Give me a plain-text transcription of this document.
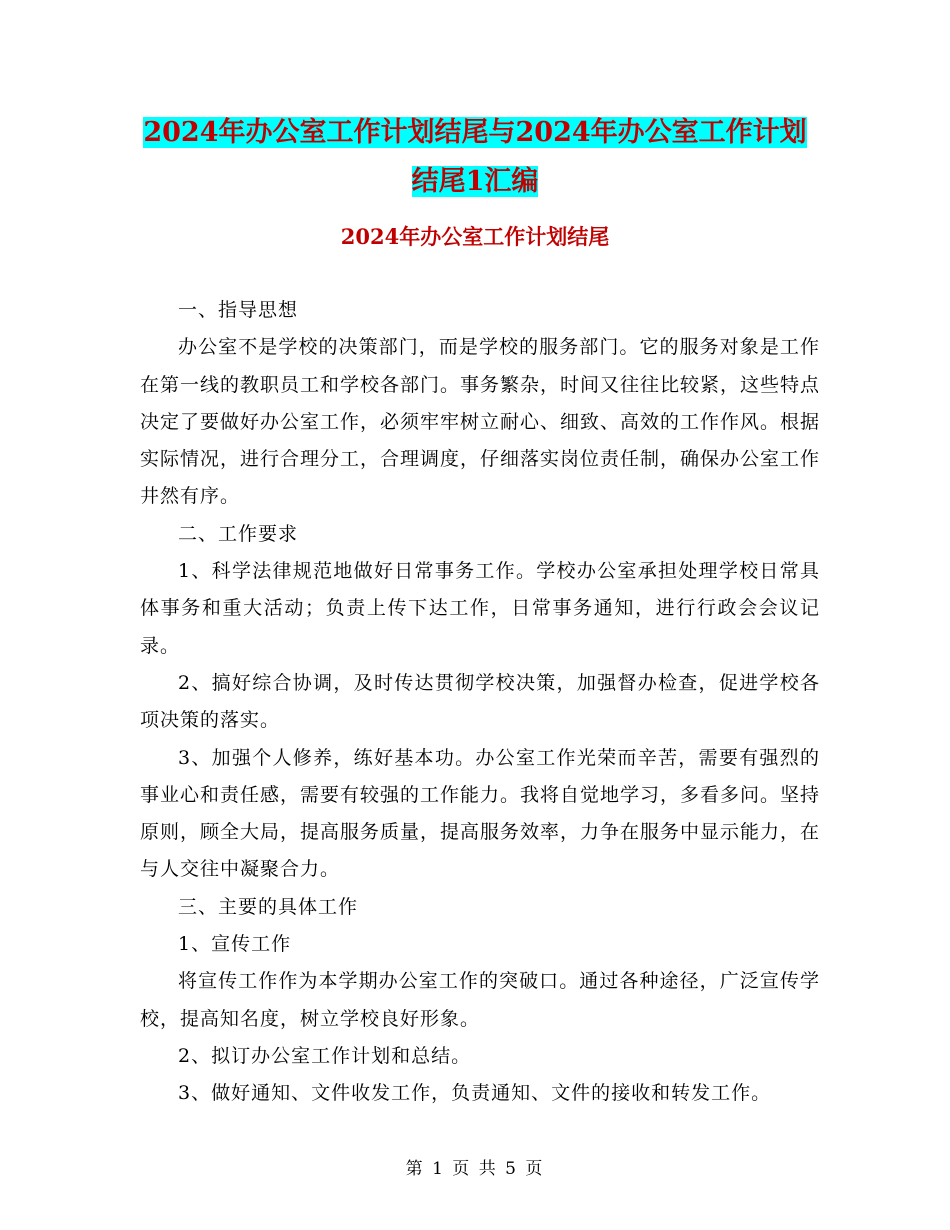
2024年办公室工作计划结尾与2024年办公室工作计划
结尾1汇编
2024年办公室工作计划结尾

一、指导思想

办公室不是学校的决策部门，而是学校的服务部门。它的服务对象是工作在第一线的教职员工和学校各部门。事务繁杂，时间又往往比较紧，这些特点决定了要做好办公室工作，必须牢牢树立耐心、细致、高效的工作作风。根据实际情况，进行合理分工，合理调度，仔细落实岗位责任制，确保办公室工作井然有序。

二、工作要求

1、科学法律规范地做好日常事务工作。学校办公室承担处理学校日常具体事务和重大活动；负责上传下达工作，日常事务通知，进行行政会会议记录。

2、搞好综合协调，及时传达贯彻学校决策，加强督办检查，促进学校各项决策的落实。

3、加强个人修养，练好基本功。办公室工作光荣而辛苦，需要有强烈的事业心和责任感，需要有较强的工作能力。我将自觉地学习，多看多问。坚持原则，顾全大局，提高服务质量，提高服务效率，力争在服务中显示能力，在与人交往中凝聚合力。

三、主要的具体工作

1、宣传工作

将宣传工作作为本学期办公室工作的突破口。通过各种途径，广泛宣传学校，提高知名度，树立学校良好形象。

2、拟订办公室工作计划和总结。

3、做好通知、文件收发工作，负责通知、文件的接收和转发工作。

第 1 页 共 5 页
